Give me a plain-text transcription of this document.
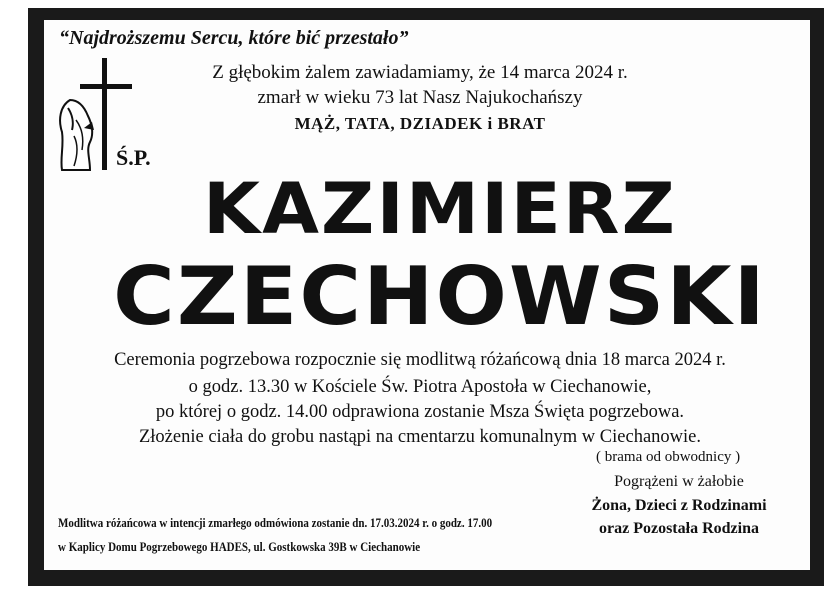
“Najdroższemu Sercu, które bić przestało”
Z głębokim żalem zawiadamiamy, że 14 marca 2024 r.
zmarł w wieku 73 lat Nasz Najukochańszy
MĄŻ, TATA, DZIADEK i BRAT
Ś.P.
KAZIMIERZ
CZECHOWSKI
Ceremonia pogrzebowa rozpocznie się modlitwą różańcową dnia 18 marca 2024 r.
o godz. 13.30 w Kościele Św. Piotra Apostoła w Ciechanowie,
po której o godz. 14.00 odprawiona zostanie Msza Święta pogrzebowa.
Złożenie ciała do grobu nastąpi na cmentarzu komunalnym w Ciechanowie.
( brama od obwodnicy )
Pogrążeni w żałobie
Żona, Dzieci z Rodzinami
oraz Pozostała Rodzina
Modlitwa różańcowa w intencji zmarłego odmówiona zostanie dn. 17.03.2024 r. o godz. 17.00
w Kaplicy Domu Pogrzebowego HADES, ul. Gostkowska 39B w Ciechanowie
